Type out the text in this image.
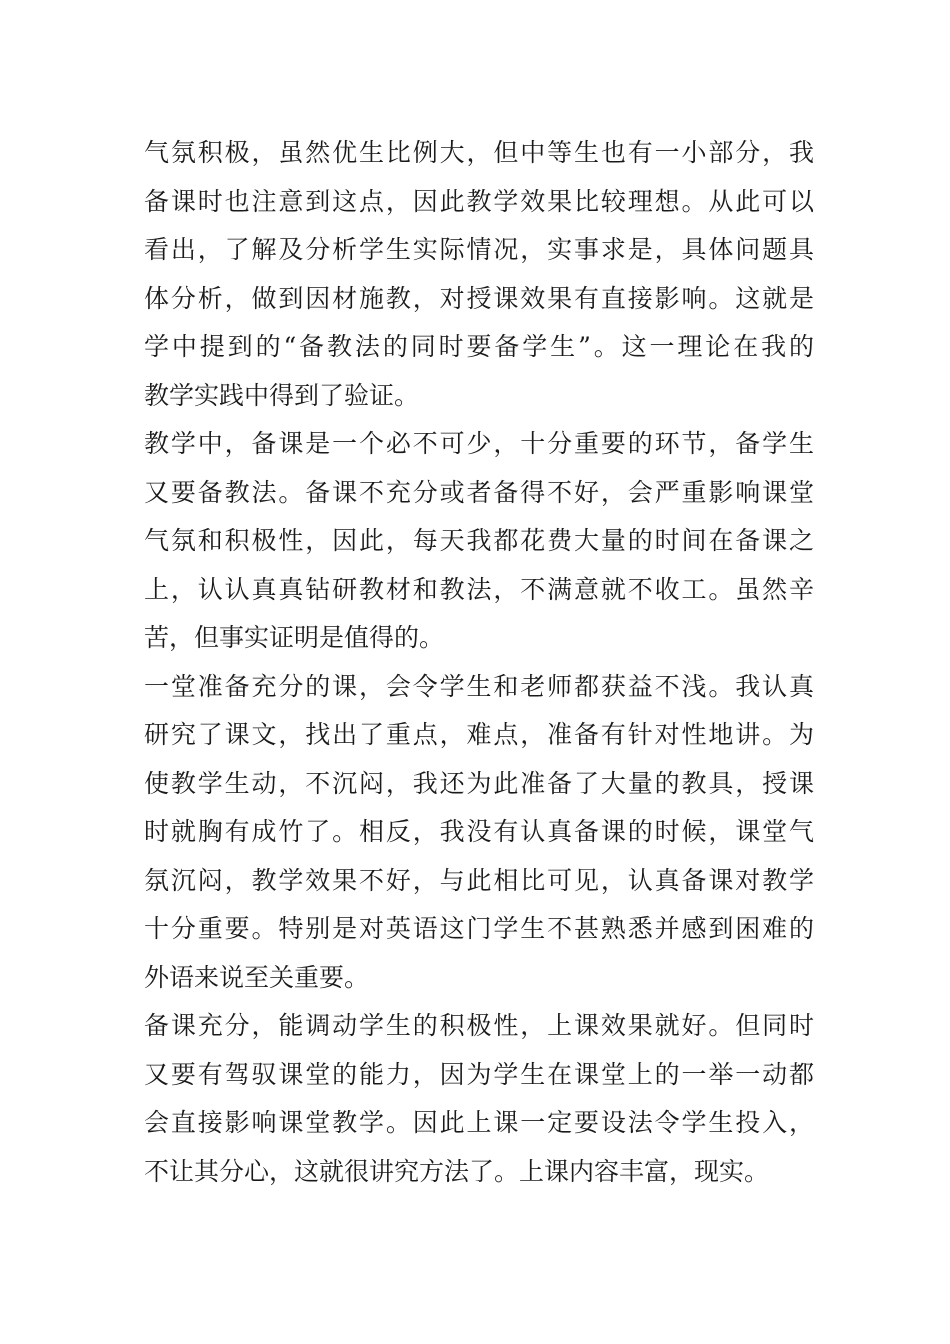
气氛积极，虽然优生比例大，但中等生也有一小部分，我
备课时也注意到这点，因此教学效果比较理想。从此可以
看出，了解及分析学生实际情况，实事求是，具体问题具
体分析，做到因材施教，对授课效果有直接影响。这就是
学中提到的“备教法的同时要备学生”。这一理论在我的
教学实践中得到了验证。
教学中，备课是一个必不可少，十分重要的环节，备学生
又要备教法。备课不充分或者备得不好，会严重影响课堂
气氛和积极性，因此，每天我都花费大量的时间在备课之
上，认认真真钻研教材和教法，不满意就不收工。虽然辛
苦，但事实证明是值得的。
一堂准备充分的课，会令学生和老师都获益不浅。我认真
研究了课文，找出了重点，难点，准备有针对性地讲。为
使教学生动，不沉闷，我还为此准备了大量的教具，授课
时就胸有成竹了。相反，我没有认真备课的时候，课堂气
氛沉闷，教学效果不好，与此相比可见，认真备课对教学
十分重要。特别是对英语这门学生不甚熟悉并感到困难的
外语来说至关重要。
备课充分，能调动学生的积极性，上课效果就好。但同时
又要有驾驭课堂的能力，因为学生在课堂上的一举一动都
会直接影响课堂教学。因此上课一定要设法令学生投入，
不让其分心，这就很讲究方法了。上课内容丰富，现实。
